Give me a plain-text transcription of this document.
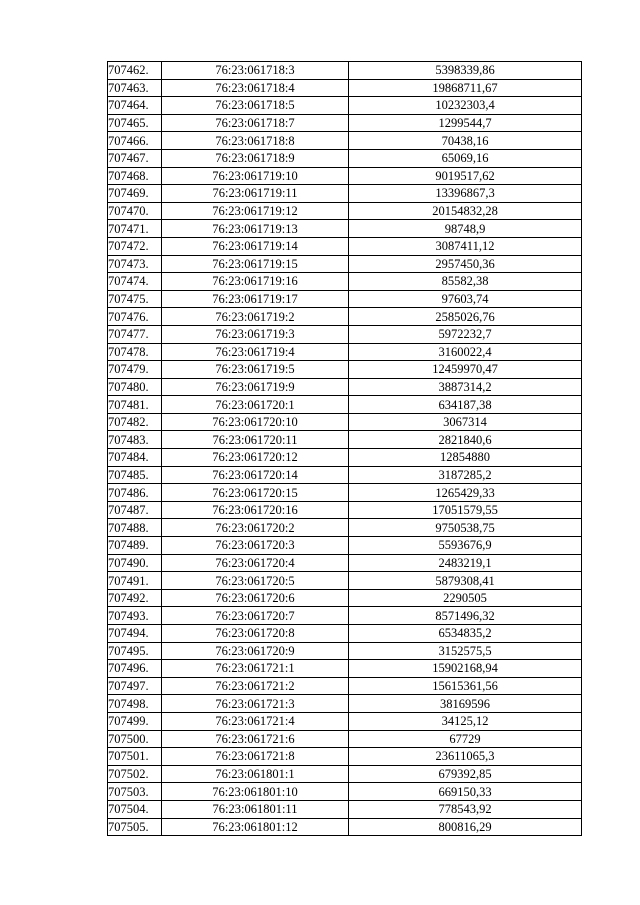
707462.	76:23:061718:3	5398339,86
707463.	76:23:061718:4	19868711,67
707464.	76:23:061718:5	10232303,4
707465.	76:23:061718:7	1299544,7
707466.	76:23:061718:8	70438,16
707467.	76:23:061718:9	65069,16
707468.	76:23:061719:10	9019517,62
707469.	76:23:061719:11	13396867,3
707470.	76:23:061719:12	20154832,28
707471.	76:23:061719:13	98748,9
707472.	76:23:061719:14	3087411,12
707473.	76:23:061719:15	2957450,36
707474.	76:23:061719:16	85582,38
707475.	76:23:061719:17	97603,74
707476.	76:23:061719:2	2585026,76
707477.	76:23:061719:3	5972232,7
707478.	76:23:061719:4	3160022,4
707479.	76:23:061719:5	12459970,47
707480.	76:23:061719:9	3887314,2
707481.	76:23:061720:1	634187,38
707482.	76:23:061720:10	3067314
707483.	76:23:061720:11	2821840,6
707484.	76:23:061720:12	12854880
707485.	76:23:061720:14	3187285,2
707486.	76:23:061720:15	1265429,33
707487.	76:23:061720:16	17051579,55
707488.	76:23:061720:2	9750538,75
707489.	76:23:061720:3	5593676,9
707490.	76:23:061720:4	2483219,1
707491.	76:23:061720:5	5879308,41
707492.	76:23:061720:6	2290505
707493.	76:23:061720:7	8571496,32
707494.	76:23:061720:8	6534835,2
707495.	76:23:061720:9	3152575,5
707496.	76:23:061721:1	15902168,94
707497.	76:23:061721:2	15615361,56
707498.	76:23:061721:3	38169596
707499.	76:23:061721:4	34125,12
707500.	76:23:061721:6	67729
707501.	76:23:061721:8	23611065,3
707502.	76:23:061801:1	679392,85
707503.	76:23:061801:10	669150,33
707504.	76:23:061801:11	778543,92
707505.	76:23:061801:12	800816,29
